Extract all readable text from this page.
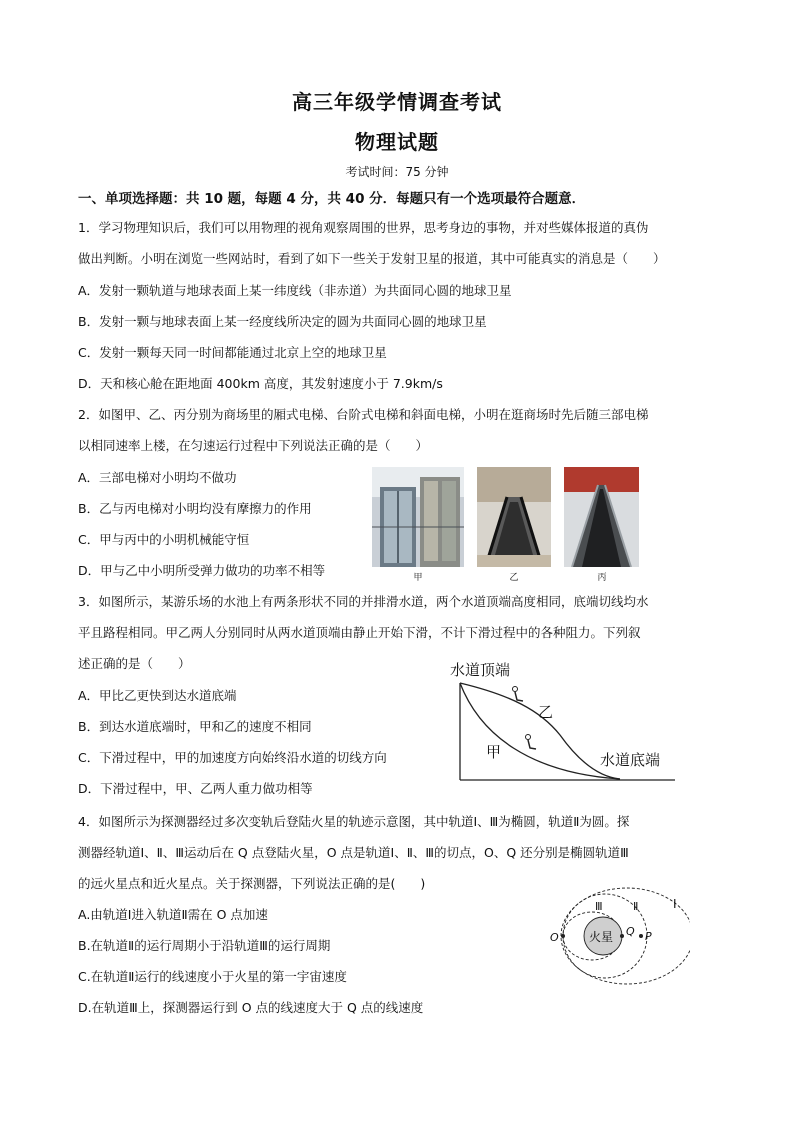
高三年级学情调查考试
物理试题
考试时间：75 分钟
一、单项选择题：共 10 题，每题 4 分，共 40 分．每题只有一个选项最符合题意．
1．学习物理知识后，我们可以用物理的视角观察周围的世界，思考身边的事物，并对些媒体报道的真伪
做出判断。小明在浏览一些网站时，看到了如下一些关于发射卫星的报道，其中可能真实的消息是（　　）
A．发射一颗轨道与地球表面上某一纬度线（非赤道）为共面同心圆的地球卫星
B．发射一颗与地球表面上某一经度线所决定的圆为共面同心圆的地球卫星
C．发射一颗每天同一时间都能通过北京上空的地球卫星
D．天和核心舱在距地面 400km 高度，其发射速度小于 7.9km/s
2．如图甲、乙、丙分别为商场里的厢式电梯、台阶式电梯和斜面电梯，小明在逛商场时先后随三部电梯
以相同速率上楼，在匀速运行过程中下列说法正确的是（　　）
A．三部电梯对小明均不做功
B．乙与丙电梯对小明均没有摩擦力的作用
C．甲与丙中的小明机械能守恒
D．甲与乙中小明所受弹力做功的功率不相等	甲	乙	丙
3．如图所示，某游乐场的水池上有两条形状不同的并排滑水道，两个水道顶端高度相同，底端切线均水
平且路程相同。甲乙两人分别同时从两水道顶端由静止开始下滑，不计下滑过程中的各种阻力。下列叙
述正确的是（　　）
A．甲比乙更快到达水道底端
B．到达水道底端时，甲和乙的速度不相同
C．下滑过程中，甲的加速度方向始终沿水道的切线方向
D．下滑过程中，甲、乙两人重力做功相等
水道顶端
水道底端
乙
甲
4．如图所示为探测器经过多次变轨后登陆火星的轨迹示意图，其中轨道Ⅰ、Ⅲ为椭圆，轨道Ⅱ为圆。探
测器经轨道Ⅰ、Ⅱ、Ⅲ运动后在 Q 点登陆火星，O 点是轨道Ⅰ、Ⅱ、Ⅲ的切点，O、Q 还分别是椭圆轨道Ⅲ
的远火星点和近火星点。关于探测器，下列说法正确的是(　　)
A.由轨道Ⅰ进入轨道Ⅱ需在 O 点加速
B.在轨道Ⅱ的运行周期小于沿轨道Ⅲ的运行周期
C.在轨道Ⅱ运行的线速度小于火星的第一宇宙速度
D.在轨道Ⅲ上，探测器运行到 O 点的线速度大于 Q 点的线速度
火星
O	Q P
Ⅲ	Ⅱ	Ⅰ
